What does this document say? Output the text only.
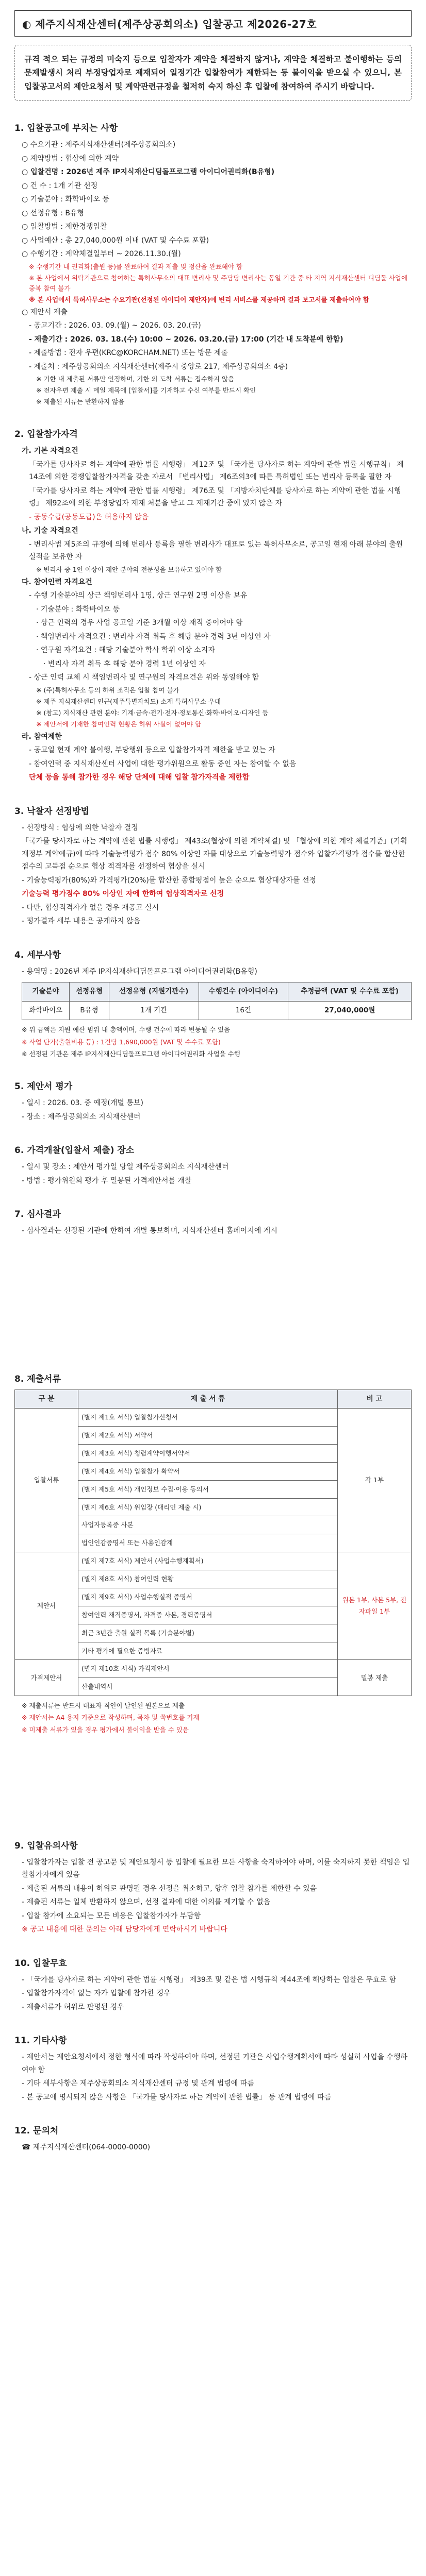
◐ 제주지식재산센터(제주상공회의소) 입찰공고 제2026-27호
규격 적으 되는 규정의 미숙지 등으로 입찰자가 계약을 체결하지 않거나, 계약을 체결하고 불이행하는 등의 문제발생시 처리 부정당업자로 제재되어 일정기간 입찰참여가 제한되는 등 불이익을 받으실 수 있으니, 본 입찰공고서의 제안요청서 및 계약관련규정을 철저히 숙지 하신 후 입찰에 참여하여 주시기 바랍니다.
1. 입찰공고에 부치는 사항

○ 수요기관 : 제주지식재산센터(제주상공회의소)

○ 계약방법 : 협상에 의한 계약

○ 입찰건명 : 2026년 제주 IP지식재산디딤돌프로그램 아이디어권리화(B유형)

○ 건 수 : 1개 기관 선정

○ 기술분야 : 화학바이오 등

○ 선정유형 : B유형

○ 입찰방법 : 제한경쟁입찰

○ 사업예산 : 총 27,040,000원 이내 (VAT 및 수수료 포함)

○ 수행기간 : 계약체결일부터 ~ 2026.11.30.(월)

※ 수행기간 내 권리화(출원 등)를 완료하여 결과 제출 및 정산을 완료해야 함

※ 본 사업에서 위탁기관으로 참여하는 특허사무소의 대표 변리사 및 주담당 변리사는 동일 기간 중 타 지역 지식재산센터 디딤돌 사업에 중복 참여 불가

※ 본 사업에서 특허사무소는 수요기관(선정된 아이디어 제안자)에 변리 서비스를 제공하며 결과 보고서를 제출하여야 함

○ 제안서 제출

- 공고기간 : 2026. 03. 09.(월) ~ 2026. 03. 20.(금)

- 제출기간 : 2026. 03. 18.(수) 10:00 ~ 2026. 03.20.(금) 17:00 (기간 내 도착분에 한함)

- 제출방법 : 전자 우편(KRC@KORCHAM.NET) 또는 방문 제출

- 제출처 : 제주상공회의소 지식재산센터(제주시 중앙로 217, 제주상공회의소 4층)

※ 기한 내 제출된 서류만 인정하며, 기한 외 도착 서류는 접수하지 않음

※ 전자우편 제출 시 메일 제목에 [입찰서]를 기재하고 수신 여부를 반드시 확인

※ 제출된 서류는 반환하지 않음

2. 입찰참가자격

가. 기본 자격요건

「국가를 당사자로 하는 계약에 관한 법률 시행령」 제12조 및 「국가를 당사자로 하는 계약에 관한 법률 시행규칙」 제14조에 의한 경쟁입찰참가자격을 갖춘 자로서 「변리사법」 제6조의3에 따른 특허법인 또는 변리사 등록을 필한 자

「국가를 당사자로 하는 계약에 관한 법률 시행령」 제76조 및 「지방자치단체를 당사자로 하는 계약에 관한 법률 시행령」 제92조에 의한 부정당업자 제재 처분을 받고 그 제재기간 중에 있지 않은 자

- 공동수급(공동도급)은 허용하지 않음

나. 기술 자격요건

- 변리사법 제5조의 규정에 의해 변리사 등록을 필한 변리사가 대표로 있는 특허사무소로, 공고일 현재 아래 분야의 출원 실적을 보유한 자

※ 변리사 중 1인 이상이 제안 분야의 전문성을 보유하고 있어야 함

다. 참여인력 자격요건

- 수행 기술분야의 상근 책임변리사 1명, 상근 연구원 2명 이상을 보유

· 기술분야 : 화학바이오 등

· 상근 인력의 경우 사업 공고일 기준 3개월 이상 재직 중이어야 함

· 책임변리사 자격요건 : 변리사 자격 취득 후 해당 분야 경력 3년 이상인 자

· 연구원 자격요건 : 해당 기술분야 학사 학위 이상 소지자

· 변리사 자격 취득 후 해당 분야 경력 1년 이상인 자

- 상근 인력 교체 시 책임변리사 및 연구원의 자격요건은 위와 동일해야 함

※ (주)특허사무소 등의 하위 조직은 입찰 참여 불가

※ 제주 지식재산센터 인근(제주특별자치도) 소재 특허사무소 우대

※ (참고) 지식재산 관련 분야: 기계·금속·전기·전자·정보통신·화학·바이오·디자인 등

※ 제안서에 기재한 참여인력 현황은 허위 사실이 없어야 함

라. 참여제한

- 공고일 현재 계약 불이행, 부당행위 등으로 입찰참가자격 제한을 받고 있는 자

- 참여인력 중 지식재산센터 사업에 대한 평가위원으로 활동 중인 자는 참여할 수 없음

단체 등을 통해 참가한 경우 해당 단체에 대해 입찰 참가자격을 제한함

3. 낙찰자 선정방법

- 선정방식 : 협상에 의한 낙찰자 결정

「국가를 당사자로 하는 계약에 관한 법률 시행령」 제43조(협상에 의한 계약체결) 및 「협상에 의한 계약 체결기준」(기획재정부 계약예규)에 따라 기술능력평가 점수 80% 이상인 자를 대상으로 기술능력평가 점수와 입찰가격평가 점수를 합산한 점수의 고득점 순으로 협상 적격자를 선정하여 협상을 실시

- 기술능력평가(80%)와 가격평가(20%)를 합산한 종합평점이 높은 순으로 협상대상자를 선정

기술능력 평가점수 80% 이상인 자에 한하여 협상적격자로 선정

- 다만, 협상적격자가 없을 경우 재공고 실시

- 평가결과 세부 내용은 공개하지 않음

4. 세부사항

- 용역명 : 2026년 제주 IP지식재산디딤돌프로그램 아이디어권리화(B유형)

기술분야	선정유형	선정유형 (지원기관수)	수행건수 (아이디어수)	추정금액 (VAT 및 수수료 포함)
화학바이오	B유형	1개 기관	16건	27,040,000원

※ 위 금액은 지원 예산 범위 내 총액이며, 수행 건수에 따라 변동될 수 있음

※ 사업 단가(출원비용 등) : 1건당 1,690,000원 (VAT 및 수수료 포함)

※ 선정된 기관은 제주 IP지식재산디딤돌프로그램 아이디어권리화 사업을 수행

5. 제안서 평가

- 일시 : 2026. 03. 중 예정(개별 통보)

- 장소 : 제주상공회의소 지식재산센터

6. 가격개찰(입찰서 제출) 장소

- 일시 및 장소 : 제안서 평가일 당일 제주상공회의소 지식재산센터

- 방법 : 평가위원회 평가 후 밀봉된 가격제안서를 개찰

7. 심사결과

- 심사결과는 선정된 기관에 한하여 개별 통보하며, 지식재산센터 홈페이지에 게시

8. 제출서류
구 분	제 출 서 류	비 고
입찰서류	(별지 제1호 서식) 입찰참가신청서	각 1부
	(별지 제2호 서식) 서약서	
	(별지 제3호 서식) 청렴계약이행서약서	
	(별지 제4호 서식) 입찰참가 확약서	
	(별지 제5호 서식) 개인정보 수집·이용 동의서	
	(별지 제6호 서식) 위임장 (대리인 제출 시)	
	사업자등록증 사본	
	법인인감증명서 또는 사용인감계	
제안서	(별지 제7호 서식) 제안서 (사업수행계획서)	원본 1부, 사본 5부, 전자파일 1부
	(별지 제8호 서식) 참여인력 현황	
	(별지 제9호 서식) 사업수행실적 증명서	
	참여인력 재직증명서, 자격증 사본, 경력증명서	
	최근 3년간 출원 실적 목록 (기술분야별)	
	기타 평가에 필요한 증빙자료	
가격제안서	(별지 제10호 서식) 가격제안서	밀봉 제출
	산출내역서	

※ 제출서류는 반드시 대표자 직인이 날인된 원본으로 제출

※ 제안서는 A4 용지 기준으로 작성하며, 목차 및 쪽번호를 기재

※ 미제출 서류가 있을 경우 평가에서 불이익을 받을 수 있음

9. 입찰유의사항

- 입찰참가자는 입찰 전 공고문 및 제안요청서 등 입찰에 필요한 모든 사항을 숙지하여야 하며, 이를 숙지하지 못한 책임은 입찰참가자에게 있음

- 제출된 서류의 내용이 허위로 판명될 경우 선정을 취소하고, 향후 입찰 참가를 제한할 수 있음

- 제출된 서류는 일체 반환하지 않으며, 선정 결과에 대한 이의를 제기할 수 없음

- 입찰 참가에 소요되는 모든 비용은 입찰참가자가 부담함

※ 공고 내용에 대한 문의는 아래 담당자에게 연락하시기 바랍니다

10. 입찰무효

- 「국가를 당사자로 하는 계약에 관한 법률 시행령」 제39조 및 같은 법 시행규칙 제44조에 해당하는 입찰은 무효로 함

- 입찰참가자격이 없는 자가 입찰에 참가한 경우

- 제출서류가 허위로 판명된 경우

11. 기타사항

- 제안서는 제안요청서에서 정한 형식에 따라 작성하여야 하며, 선정된 기관은 사업수행계획서에 따라 성실히 사업을 수행하여야 함

- 기타 세부사항은 제주상공회의소 지식재산센터 규정 및 관계 법령에 따름

- 본 공고에 명시되지 않은 사항은 「국가를 당사자로 하는 계약에 관한 법률」 등 관계 법령에 따름

12. 문의처

☎ 제주지식재산센터(064-0000-0000)
